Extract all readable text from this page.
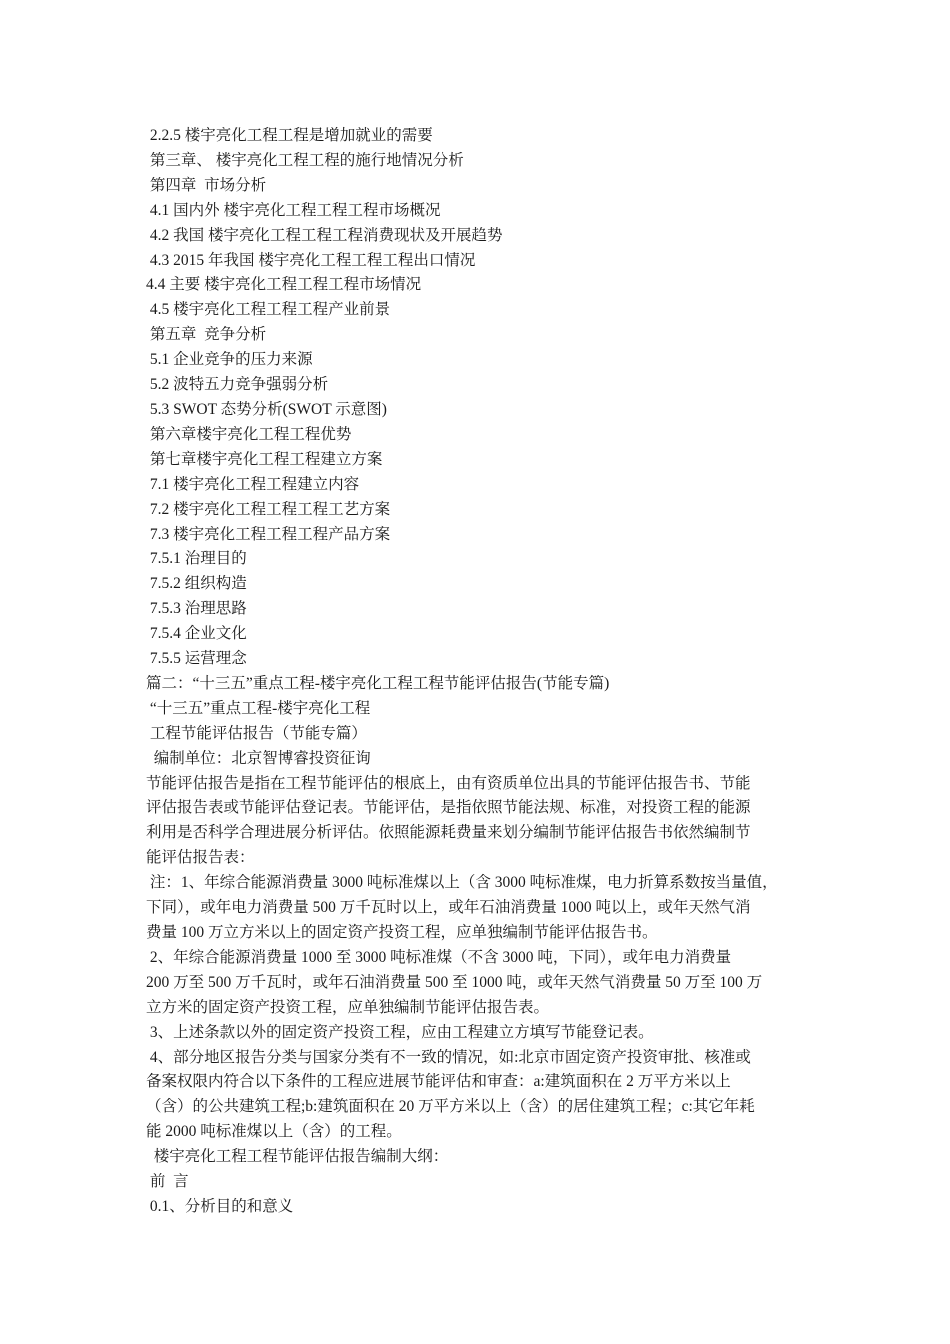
2.2.5 楼宇亮化工程工程是增加就业的需要

第三章、 楼宇亮化工程工程的施行地情况分析

第四章  市场分析

4.1 国内外 楼宇亮化工程工程工程市场概况

4.2 我国 楼宇亮化工程工程工程消费现状及开展趋势

4.3 2015 年我国 楼宇亮化工程工程工程出口情况

4.4 主要 楼宇亮化工程工程工程市场情况

4.5 楼宇亮化工程工程工程产业前景

第五章  竞争分析

5.1 企业竞争的压力来源

5.2 波特五力竞争强弱分析

5.3 SWOT 态势分析(SWOT 示意图)

第六章楼宇亮化工程工程优势

第七章楼宇亮化工程工程建立方案

7.1 楼宇亮化工程工程建立内容

7.2 楼宇亮化工程工程工程工艺方案

7.3 楼宇亮化工程工程工程产品方案

7.5.1 治理目的

7.5.2 组织构造

7.5.3 治理思路

7.5.4 企业文化

7.5.5 运营理念

篇二：“十三五”重点工程-楼宇亮化工程工程节能评估报告(节能专篇)

“十三五”重点工程-楼宇亮化工程

工程节能评估报告（节能专篇）

编制单位：北京智博睿投资征询

节能评估报告是指在工程节能评估的根底上，由有资质单位出具的节能评估报告书、节能

评估报告表或节能评估登记表。节能评估，是指依照节能法规、标准，对投资工程的能源

利用是否科学合理进展分析评估。依照能源耗费量来划分编制节能评估报告书依然编制节

能评估报告表：

注：1、年综合能源消费量 3000 吨标准煤以上（含 3000 吨标准煤，电力折算系数按当量值，

下同），或年电力消费量 500 万千瓦时以上，或年石油消费量 1000 吨以上，或年天然气消

费量 100 万立方米以上的固定资产投资工程，应单独编制节能评估报告书。

2、年综合能源消费量 1000 至 3000 吨标准煤（不含 3000 吨，下同），或年电力消费量

200 万至 500 万千瓦时，或年石油消费量 500 至 1000 吨，或年天然气消费量 50 万至 100 万

立方米的固定资产投资工程，应单独编制节能评估报告表。

3、上述条款以外的固定资产投资工程，应由工程建立方填写节能登记表。

4、部分地区报告分类与国家分类有不一致的情况，如:北京市固定资产投资审批、核准或

备案权限内符合以下条件的工程应进展节能评估和审查：a:建筑面积在 2 万平方米以上

（含）的公共建筑工程;b:建筑面积在 20 万平方米以上（含）的居住建筑工程；c:其它年耗

能 2000 吨标准煤以上（含）的工程。

楼宇亮化工程工程节能评估报告编制大纲：

前  言

0.1、分析目的和意义
